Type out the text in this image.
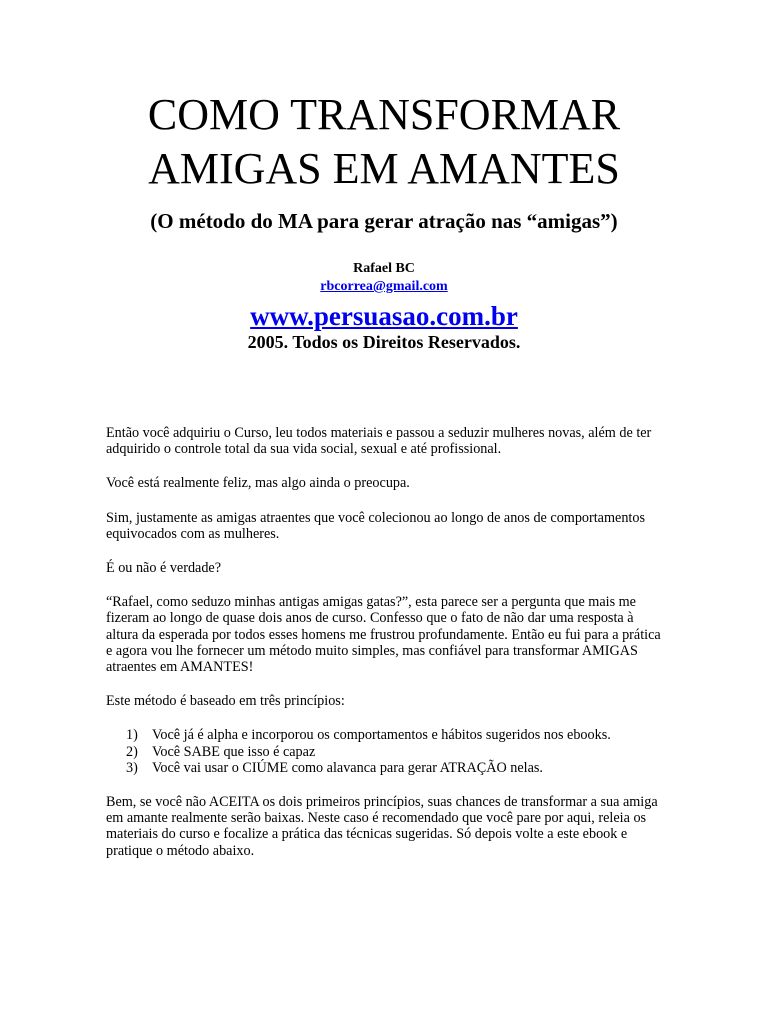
COMO TRANSFORMAR
AMIGAS EM AMANTES

(O método do MA para gerar atração nas “amigas”)

Rafael BC

rbcorrea@gmail.com
www.persuasao.com.br

2005. Todos os Direitos Reservados.

Então você adquiriu o Curso, leu todos materiais e passou a seduzir mulheres novas, além de ter adquirido o controle total da sua vida social, sexual e até profissional.

Você está realmente feliz, mas algo ainda o preocupa.

Sim, justamente as amigas atraentes que você colecionou ao longo de anos de comportamentos equivocados com as mulheres.

É ou não é verdade?

“Rafael, como seduzo minhas antigas amigas gatas?”, esta parece ser a pergunta que mais me fizeram ao longo de quase dois anos de curso. Confesso que o fato de não dar uma resposta à altura da esperada por todos esses homens me frustrou profundamente. Então eu fui para a prática e agora vou lhe fornecer um método muito simples, mas confiável para transformar AMIGAS atraentes em AMANTES!

Este método é baseado em três princípios:

1) Você já é alpha e incorporou os comportamentos e hábitos sugeridos nos ebooks.
2) Você SABE que isso é capaz
3) Você vai usar o CIÚME como alavanca para gerar ATRAÇÃO nelas.

Bem, se você não ACEITA os dois primeiros princípios, suas chances de transformar a sua amiga em amante realmente serão baixas. Neste caso é recomendado que você pare por aqui, releia os materiais do curso e focalize a prática das técnicas sugeridas. Só depois volte a este ebook e pratique o método abaixo.
